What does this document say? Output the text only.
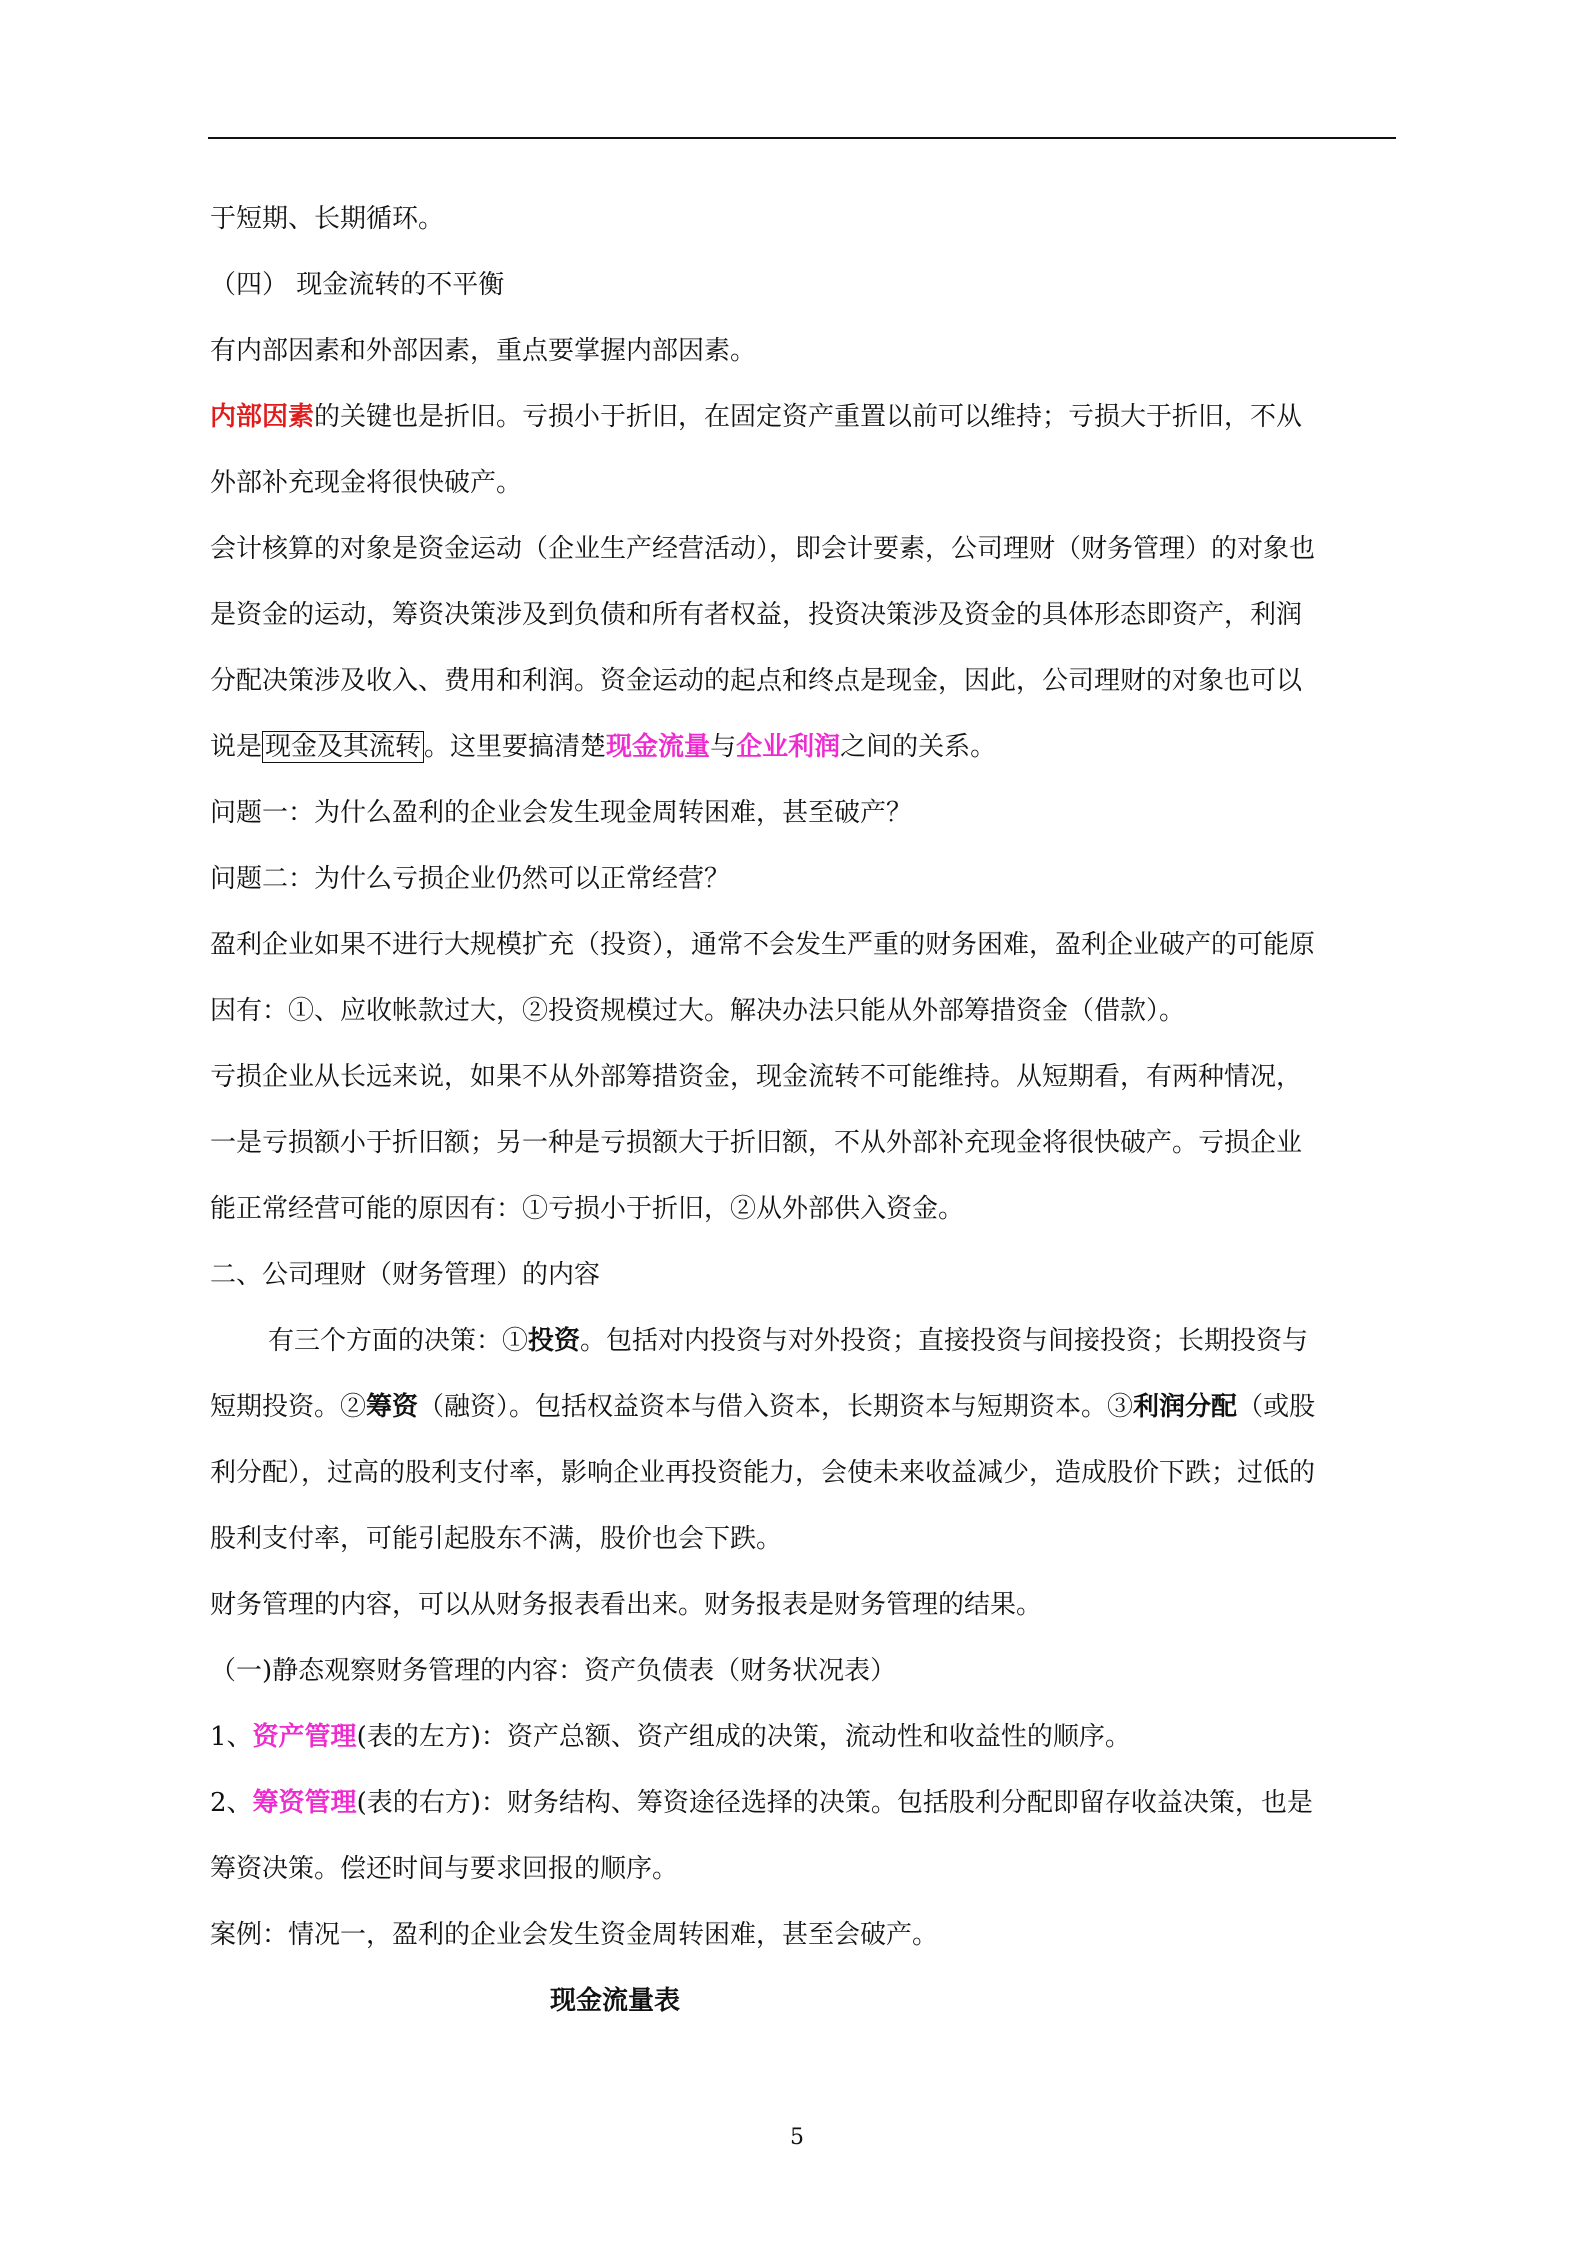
于短期、长期循环。

（四） 现金流转的不平衡

有内部因素和外部因素，重点要掌握内部因素。

内部因素的关键也是折旧。亏损小于折旧，在固定资产重置以前可以维持；亏损大于折旧，不从

外部补充现金将很快破产。

会计核算的对象是资金运动（企业生产经营活动），即会计要素，公司理财（财务管理）的对象也

是资金的运动，筹资决策涉及到负债和所有者权益，投资决策涉及资金的具体形态即资产，利润

分配决策涉及收入、费用和利润。资金运动的起点和终点是现金，因此，公司理财的对象也可以

说是 现金及其流转 。这里要搞清楚现金流量与企业利润之间的关系。

问题一：为什么盈利的企业会发生现金周转困难，甚至破产？

问题二：为什么亏损企业仍然可以正常经营？

盈利企业如果不进行大规模扩充（投资），通常不会发生严重的财务困难，盈利企业破产的可能原

因有：①、应收帐款过大，②投资规模过大。解决办法只能从外部筹措资金（借款）。

亏损企业从长远来说，如果不从外部筹措资金，现金流转不可能维持。从短期看，有两种情况，

一是亏损额小于折旧额；另一种是亏损额大于折旧额，不从外部补充现金将很快破产。亏损企业

能正常经营可能的原因有：①亏损小于折旧，②从外部供入资金。

二、公司理财（财务管理）的内容

有三个方面的决策：①投资。包括对内投资与对外投资；直接投资与间接投资；长期投资与

短期投资。②筹资（融资）。包括权益资本与借入资本，长期资本与短期资本。③利润分配（或股

利分配），过高的股利支付率，影响企业再投资能力，会使未来收益减少，造成股价下跌；过低的

股利支付率，可能引起股东不满，股价也会下跌。

财务管理的内容，可以从财务报表看出来。财务报表是财务管理的结果。

（一)静态观察财务管理的内容：资产负债表（财务状况表）

1、资产管理(表的左方)：资产总额、资产组成的决策，流动性和收益性的顺序。

2、筹资管理(表的右方)：财务结构、筹资途径选择的决策。包括股利分配即留存收益决策，也是

筹资决策。偿还时间与要求回报的顺序。

案例：情况一，盈利的企业会发生资金周转困难，甚至会破产。

现金流量表

5
